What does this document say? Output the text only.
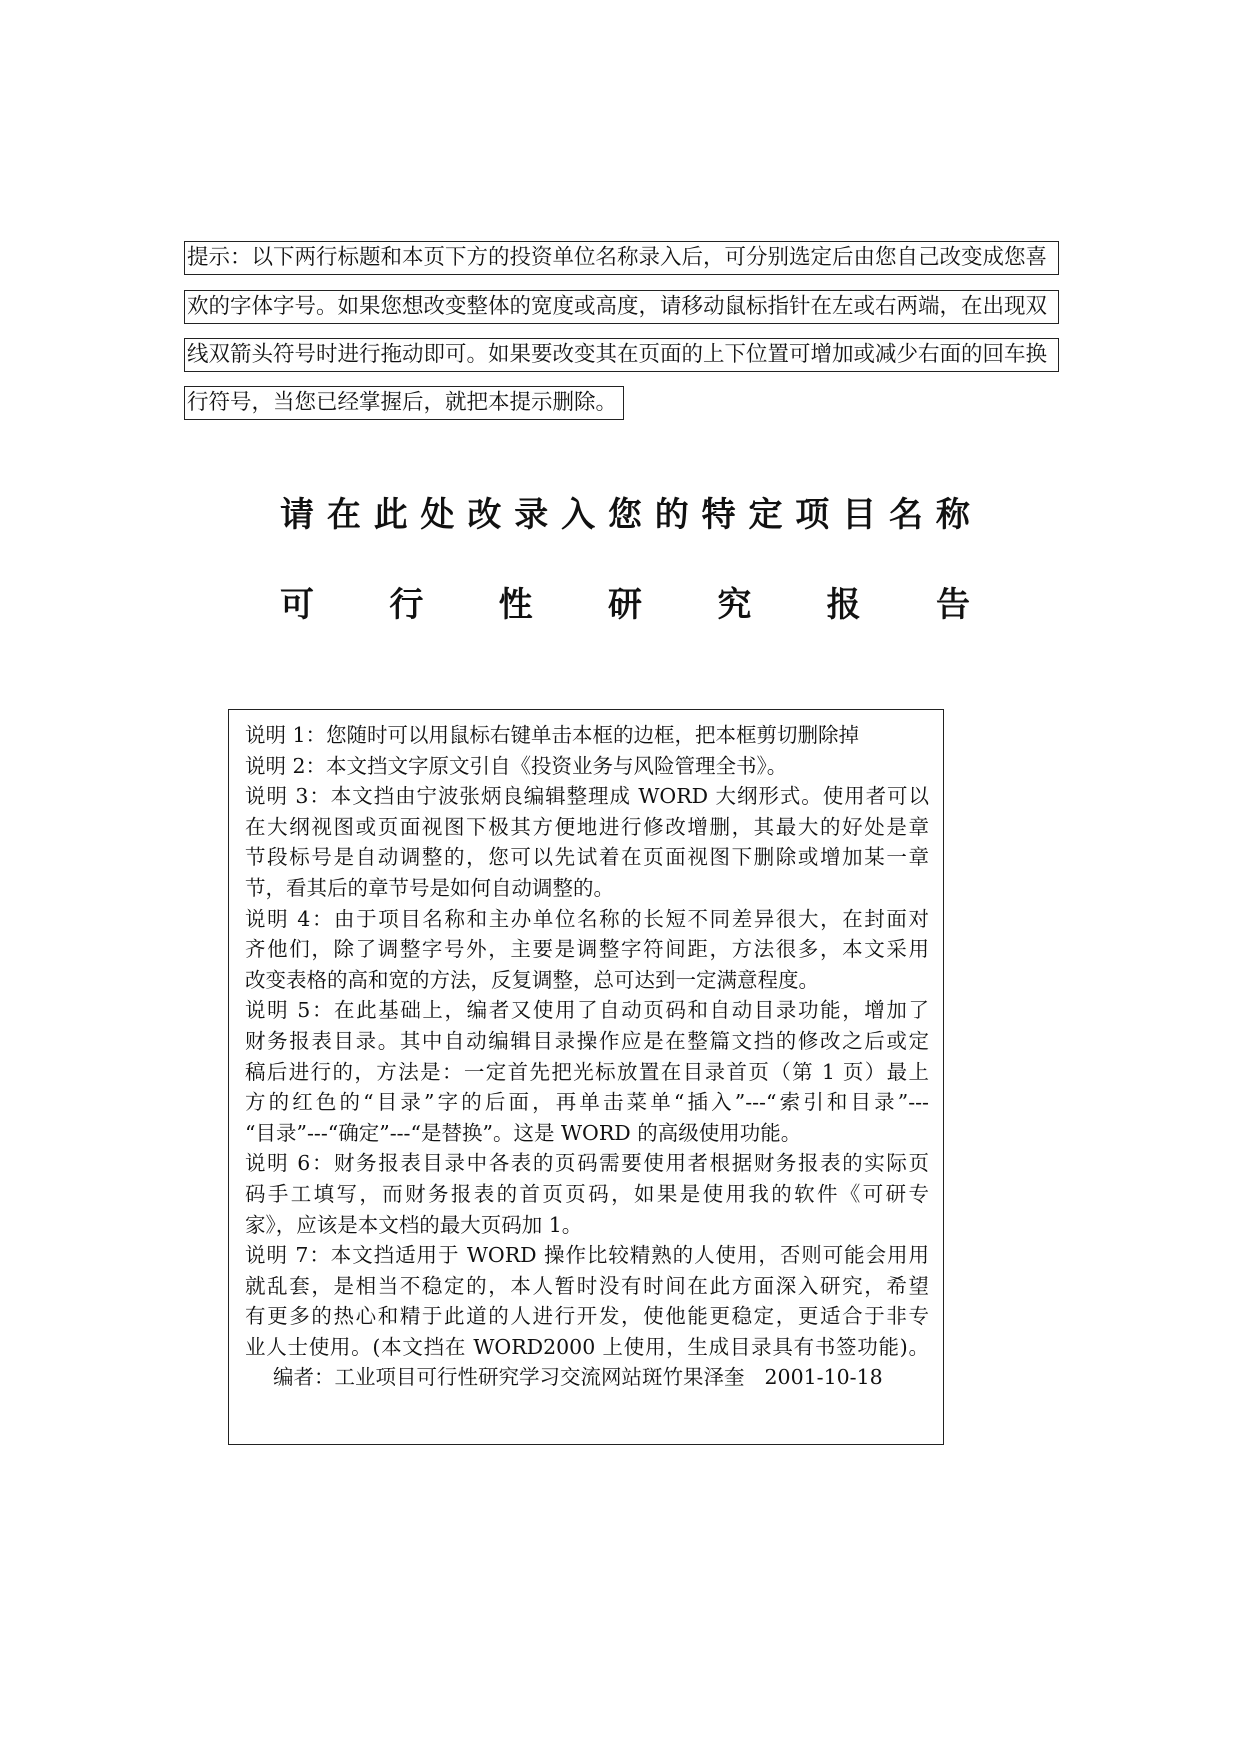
提示：以下两行标题和本页下方的投资单位名称录入后，可分别选定后由您自己改变成您喜
欢的字体字号。如果您想改变整体的宽度或高度，请移动鼠标指针在左或右两端，在出现双
线双箭头符号时进行拖动即可。如果要改变其在页面的上下位置可增加或减少右面的回车换
行符号，当您已经掌握后，就把本提示删除。
请 在 此 处 改 录 入 您 的 特 定 项 目 名 称
可 行 性 研 究 报 告
说明 1：您随时可以用鼠标右键单击本框的边框，把本框剪切删除掉
说明 2：本文挡文字原文引自《投资业务与风险管理全书》。
说明 3：本文挡由宁波张炳良编辑整理成 WORD 大纲形式。使用者可以
在大纲视图或页面视图下极其方便地进行修改增删，其最大的好处是章
节段标号是自动调整的，您可以先试着在页面视图下删除或增加某一章
节，看其后的章节号是如何自动调整的。
说明 4：由于项目名称和主办单位名称的长短不同差异很大，在封面对
齐他们，除了调整字号外，主要是调整字符间距，方法很多，本文采用
改变表格的高和宽的方法，反复调整，总可达到一定满意程度。
说明 5：在此基础上，编者又使用了自动页码和自动目录功能，增加了
财务报表目录。其中自动编辑目录操作应是在整篇文挡的修改之后或定
稿后进行的，方法是：一定首先把光标放置在目录首页（第 1 页）最上
方的红色的“目录”字的后面，再单击菜单“插入”---“索引和目录”---
“目录”---“确定”---“是替换”。这是 WORD 的高级使用功能。
说明 6：财务报表目录中各表的页码需要使用者根据财务报表的实际页
码手工填写，而财务报表的首页页码，如果是使用我的软件《可研专
家》，应该是本文档的最大页码加 1。
说明 7：本文挡适用于 WORD 操作比较精熟的人使用，否则可能会用用
就乱套，是相当不稳定的，本人暂时没有时间在此方面深入研究，希望
有更多的热心和精于此道的人进行开发，使他能更稳定，更适合于非专
业人士使用。(本文挡在 WORD2000 上使用，生成目录具有书签功能)。
编者：工业项目可行性研究学习交流网站斑竹果泽奎 2001-10-18
